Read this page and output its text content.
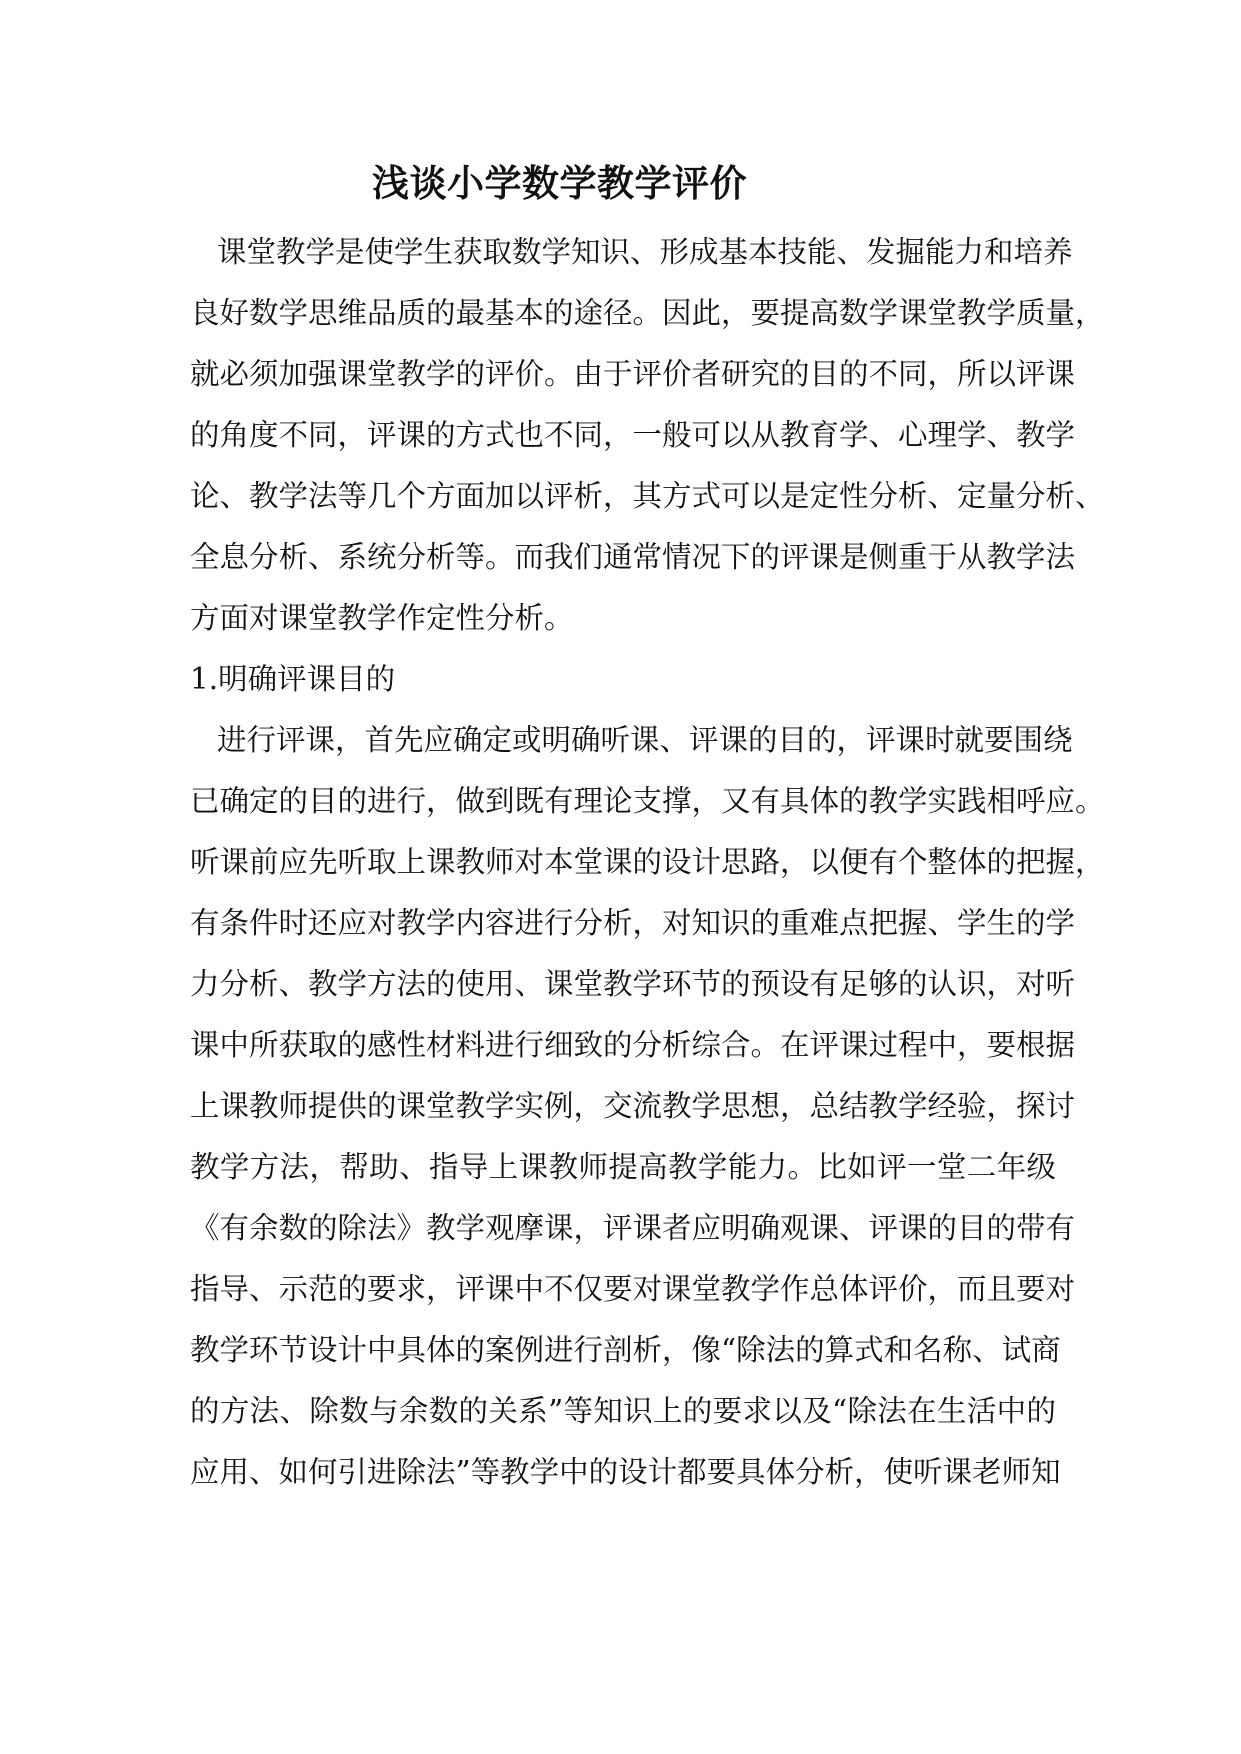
浅谈小学数学教学评价
课堂教学是使学生获取数学知识、形成基本技能、发掘能力和培养
良好数学思维品质的最基本的途径。因此，要提高数学课堂教学质量，
就必须加强课堂教学的评价。由于评价者研究的目的不同，所以评课
的角度不同，评课的方式也不同，一般可以从教育学、心理学、教学
论、教学法等几个方面加以评析，其方式可以是定性分析、定量分析、
全息分析、系统分析等。而我们通常情况下的评课是侧重于从教学法
方面对课堂教学作定性分析。
1.明确评课目的
进行评课，首先应确定或明确听课、评课的目的，评课时就要围绕
已确定的目的进行，做到既有理论支撑，又有具体的教学实践相呼应。
听课前应先听取上课教师对本堂课的设计思路，以便有个整体的把握，
有条件时还应对教学内容进行分析，对知识的重难点把握、学生的学
力分析、教学方法的使用、课堂教学环节的预设有足够的认识，对听
课中所获取的感性材料进行细致的分析综合。在评课过程中，要根据
上课教师提供的课堂教学实例，交流教学思想，总结教学经验，探讨
教学方法，帮助、指导上课教师提高教学能力。比如评一堂二年级
《有余数的除法》教学观摩课，评课者应明确观课、评课的目的带有
指导、示范的要求，评课中不仅要对课堂教学作总体评价，而且要对
教学环节设计中具体的案例进行剖析，像“除法的算式和名称、试商
的方法、除数与余数的关系”等知识上的要求以及“除法在生活中的
应用、如何引进除法”等教学中的设计都要具体分析，使听课老师知
